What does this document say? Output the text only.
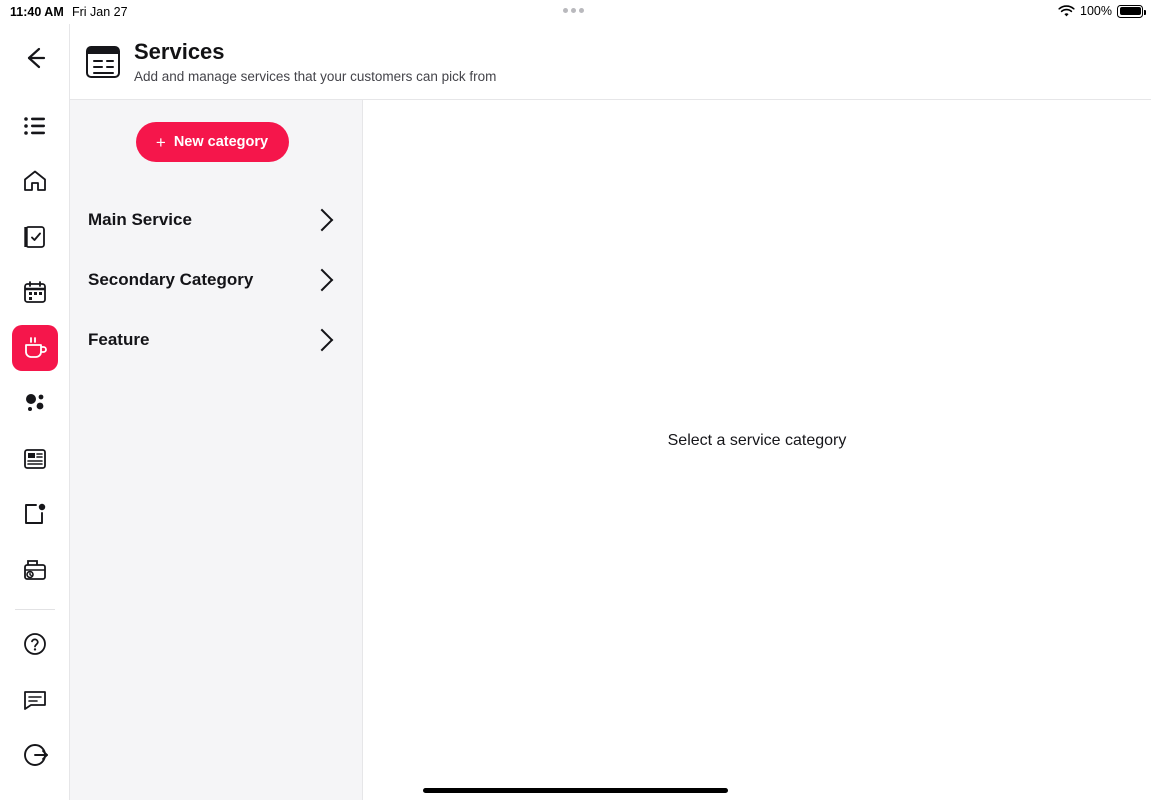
11:40 AM Fri Jan 27	100%
Services

Add and manage services that your customers can pick from

+ New category
Main Service
Secondary Category
Feature
Select a service category
